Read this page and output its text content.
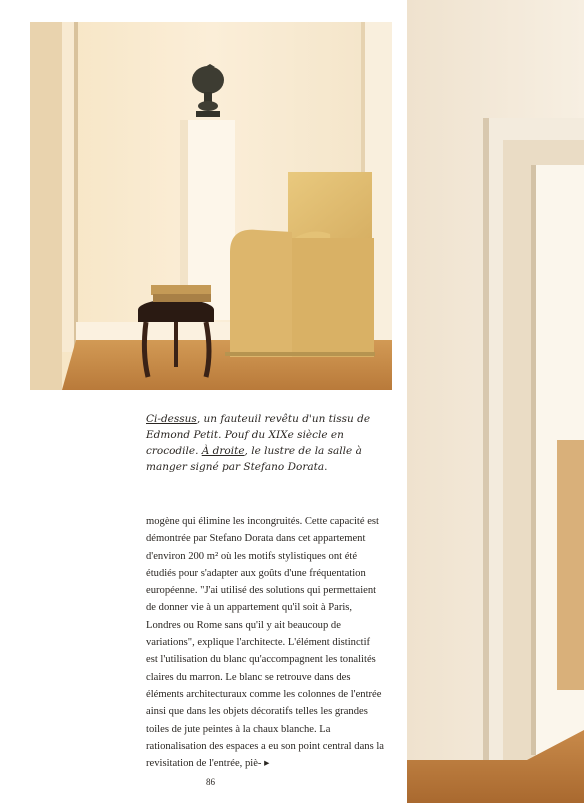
Ci-dessus, un fauteuil revêtu d'un tissu de Edmond Petit. Pouf du XIXe siècle en crocodile. À droite, le lustre de la salle à manger signé par Stefano Dorata.

mogène qui élimine les incongruités. Cette capacité est démontrée par Stefano Dorata dans cet appartement d'environ 200 m² où les motifs stylistiques ont été étudiés pour s'adapter aux goûts d'une fréquentation européenne. "J'ai utilisé des solutions qui permettaient de donner vie à un appartement qu'il soit à Paris, Londres ou Rome sans qu'il y ait beaucoup de variations", explique l'architecte. L'élément distinctif est l'utilisation du blanc qu'accompagnent les tonalités claires du marron. Le blanc se retrouve dans des éléments architecturaux comme les colonnes de l'entrée ainsi que dans les objets décoratifs telles les grandes toiles de jute peintes à la chaux blanche. La rationalisation des espaces a eu son point central dans la revisitation de l'entrée, piè- ▸

86
